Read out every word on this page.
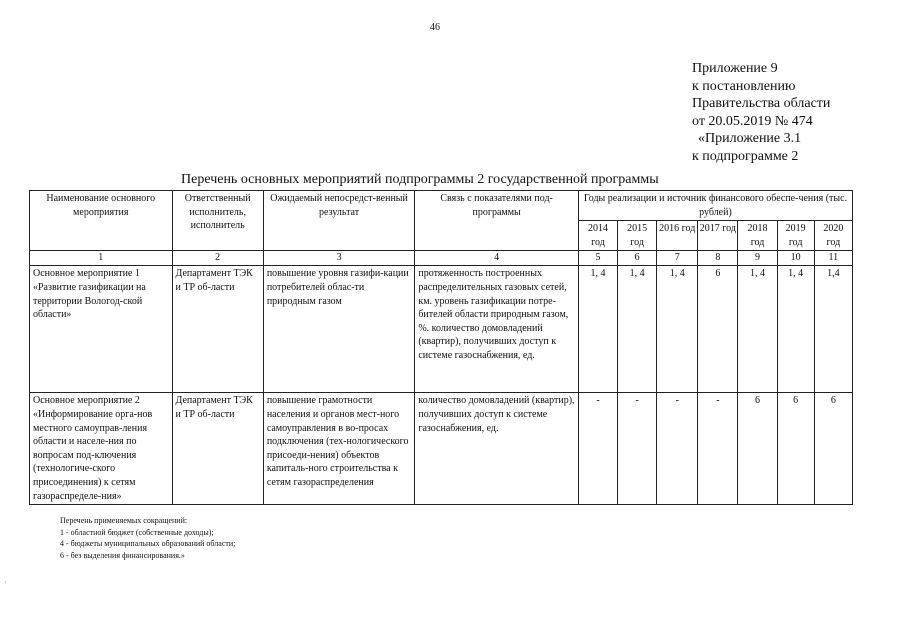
46
Приложение 9
к постановлению
Правительства области
от 20.05.2019 № 474
«Приложение 3.1
к подпрограмме 2
Перечень основных мероприятий подпрограммы 2 государственной программы
Наименование основного мероприятия	Ответственный исполнитель, исполнитель	Ожидаемый непосредст-венный результат	Связь с показателями под-программы	Годы реализации и источник финансового обеспе-чения (тыс. рублей)						
				2014 год	2015 год	2016 год	2017 год	2018 год	2019 год	2020 год
1	2	3	4	5	6	7	8	9	10	11
Основное мероприятие 1 «Развитие газификации на территории Вологод-ской области»	Департамент ТЭК и ТР об-ласти	повышение уровня газифи-кации потребителей облас-ти природным газом	протяженность построенных распределительных газовых сетей, км. уровень газификации потре-бителей области природным газом, %. количество домовладений (квартир), получивших доступ к системе газоснабжения, ед.	1, 4	1, 4	1, 4	6	1, 4	1, 4	1,4
Основное мероприятие 2 «Информирование орга-нов местного самоуправ-ления области и населе-ния по вопросам под-ключения (технологиче-ского присоединения) к сетям газораспределе-ния»	Департамент ТЭК и ТР об-ласти	повышение грамотности населения и органов мест-ного самоуправления в во-просах подключения (тех-нологического присоеди-нения) объектов капиталь-ного строительства к сетям газораспределения	количество домовладений (квартир), получивших доступ к системе газоснабжения, ед.	-	-	-	-	6	6	6
Перечень применяемых сокращений:
1 - областной бюджет (собственные доходы);
4 - бюджеты муниципальных образований области;
6 - без выделения финансирования.»
·
